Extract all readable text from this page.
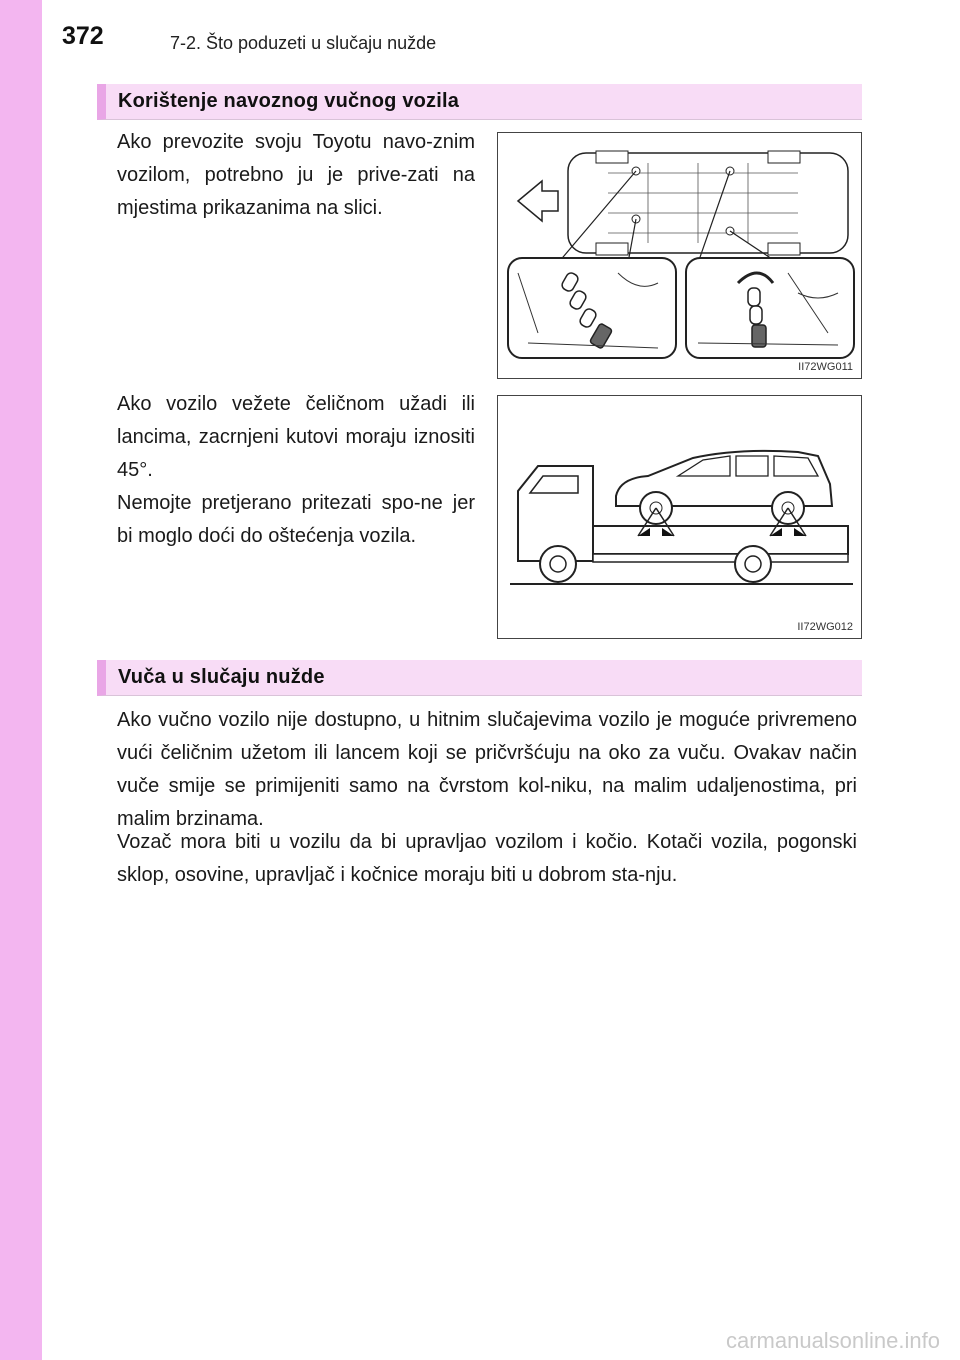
372	7-2. Što poduzeti u slučaju nužde
Korištenje navoznog vučnog vozila
Ako prevozite svoju Toyotu navo-znim vozilom, potrebno ju je prive-zati na mjestima prikazanima na slici.
II72WG011
Ako vozilo vežete čeličnom užadi ili lancima, zacrnjeni kutovi moraju iznositi 45°.
Nemojte pretjerano pritezati spo-ne jer bi moglo doći do oštećenja vozila.
II72WG012
Vuča u slučaju nužde
Ako vučno vozilo nije dostupno, u hitnim slučajevima vozilo je moguće privremeno vući čeličnim užetom ili lancem koji se pričvršćuju na oko za vuču. Ovakav način vuče smije se primijeniti samo na čvrstom kol-niku, na malim udaljenostima, pri malim brzinama.
Vozač mora biti u vozilu da bi upravljao vozilom i kočio. Kotači vozila, pogonski sklop, osovine, upravljač i kočnice moraju biti u dobrom sta-nju.
carmanualsonline.info
